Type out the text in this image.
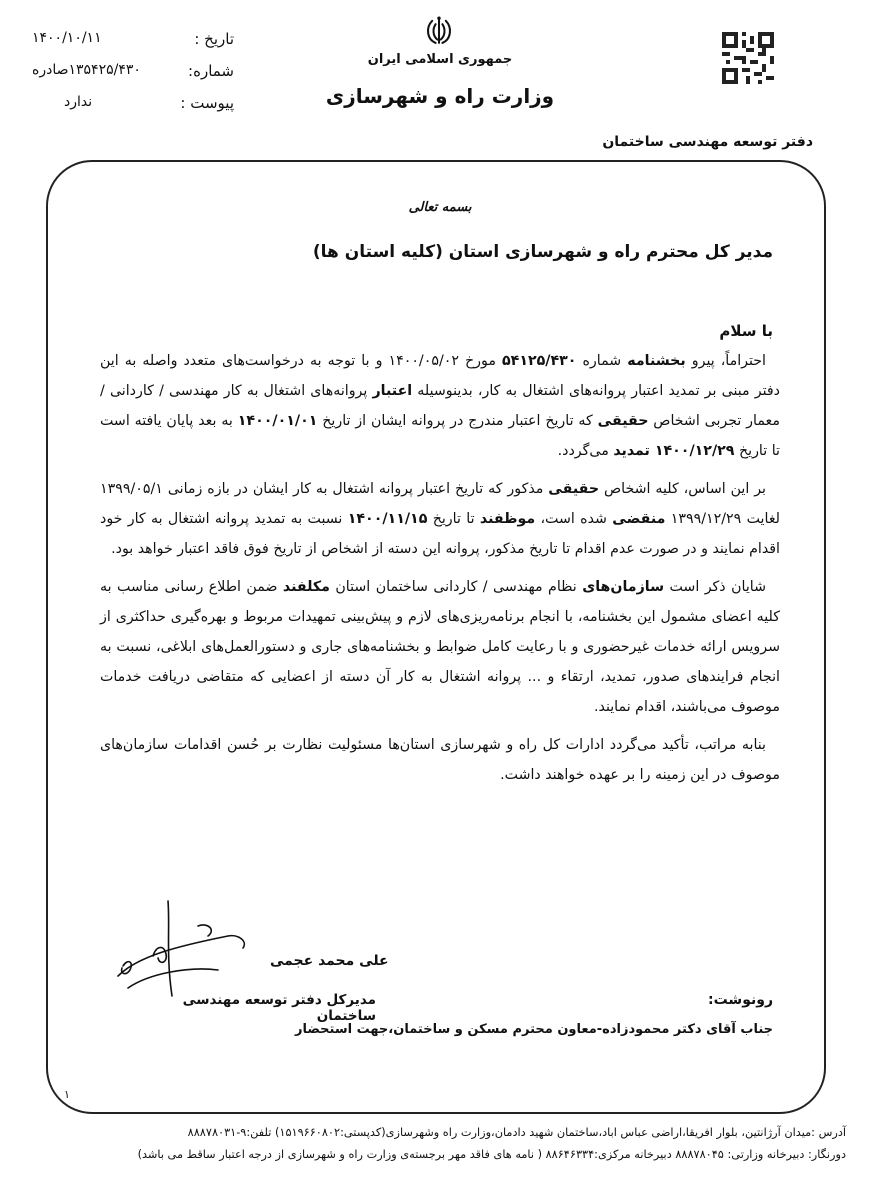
جمهوری اسلامی ایران
وزارت راه و شهرسازی
تاریخ :
۱۴۰۰/۱۰/۱۱
شماره:
۱۳۵۴۲۵/۴۳۰صادره
پیوست :
ندارد
دفتر توسعه مهندسی ساختمان
بسمه تعالی
مدیر کل محترم راه و شهرسازی استان (کلیه استان ها)
با سلام

احتراماً، پیرو بخشنامه شماره ۵۴۱۲۵/۴۳۰ مورخ ۱۴۰۰/۰۵/۰۲ و با توجه به درخواست‌های متعدد واصله به این دفتر مبنی بر تمدید اعتبار پروانه‌های اشتغال به کار، بدینوسیله اعتبار پروانه‌های اشتغال به کار مهندسی / کاردانی / معمار تجربی اشخاص حقیقی که تاریخ اعتبار مندرج در پروانه ایشان از تاریخ ۱۴۰۰/۰۱/۰۱ به بعد پایان یافته است تا تاریخ ۱۴۰۰/۱۲/۲۹ تمدید می‌گردد.

بر این اساس، کلیه اشخاص حقیقی مذکور که تاریخ اعتبار پروانه اشتغال به کار ایشان در بازه زمانی ۱۳۹۹/۰۵/۱ لغایت ۱۳۹۹/۱۲/۲۹ منقضی شده است، موظفند تا تاریخ ۱۴۰۰/۱۱/۱۵ نسبت به تمدید پروانه اشتغال به کار خود اقدام نمایند و در صورت عدم اقدام تا تاریخ مذکور، پروانه این دسته از اشخاص از تاریخ فوق فاقد اعتبار خواهد بود.

شایان ذکر است سازمان‌های نظام مهندسی / کاردانی ساختمان استان مکلفند ضمن اطلاع رسانی مناسب به کلیه اعضای مشمول این بخشنامه، با انجام برنامه‌ریزی‌های لازم و پیش‌بینی تمهیدات مربوط و بهره‌گیری حداکثری از سرویس ارائه خدمات غیرحضوری و با رعایت کامل ضوابط و بخشنامه‌های جاری و دستورالعمل‌های ابلاغی، نسبت به انجام فرایندهای صدور، تمدید، ارتقاء و ... پروانه اشتغال به کار آن دسته از اعضایی که متقاضی دریافت خدمات موصوف می‌باشند، اقدام نمایند.

بنابه مراتب، تأکید می‌گردد ادارات کل راه و شهرسازی استان‌ها مسئولیت نظارت بر حُسن اقدامات سازمان‌های موصوف در این زمینه را بر عهده خواهند داشت.

علی محمد عجمی
مدیرکل دفتر توسعه مهندسی ساختمان
رونوشت:
جناب آقای دکتر محمودزاده-معاون محترم مسکن و ساختمان،جهت استحضار
۱
آدرس :میدان آرژانتین، بلوار افریقا،اراضی عباس اباد،ساختمان شهید دادمان،وزارت راه وشهرسازی(کدپستی:۱۵۱۹۶۶۰۸۰۲) تلفن:۹-۸۸۸۷۸۰۳۱
دورنگار: دبیرخانه وزارتی: ۸۸۸۷۸۰۴۵ دبیرخانه مرکزی:۸۸۶۴۶۳۳۴ ( نامه های فاقد مهر برجسته‌ی وزارت راه و شهرسازی از درجه اعتبار ساقط می باشد)
